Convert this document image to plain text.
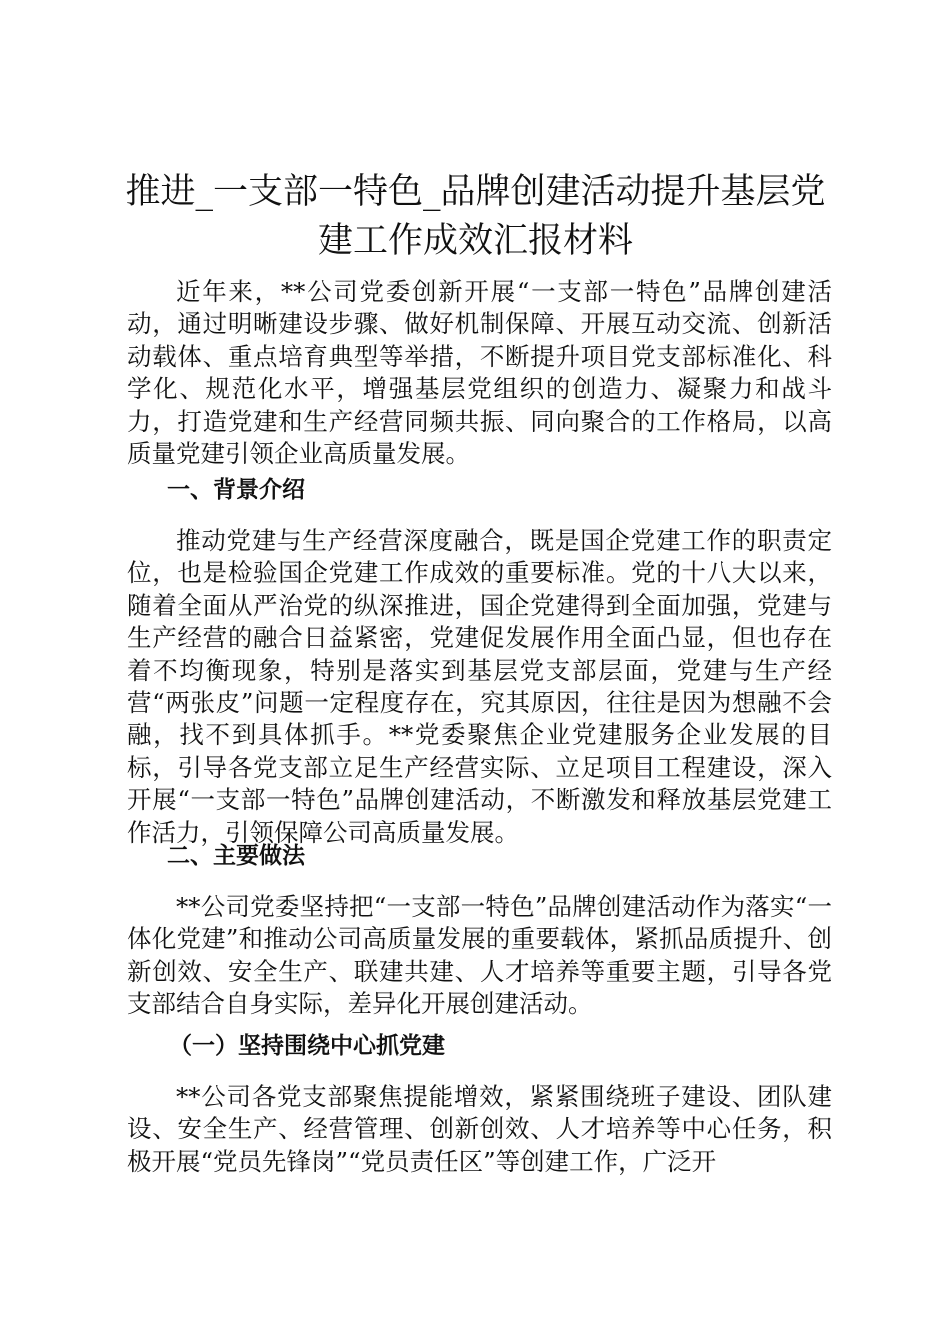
推进_一支部一特色_品牌创建活动提升基层党建工作成效汇报材料

近年来，**公司党委创新开展“一支部一特色”品牌创建活动，通过明晰建设步骤、做好机制保障、开展互动交流、创新活动载体、重点培育典型等举措，不断提升项目党支部标准化、科学化、规范化水平，增强基层党组织的创造力、凝聚力和战斗力，打造党建和生产经营同频共振、同向聚合的工作格局，以高质量党建引领企业高质量发展。

一、背景介绍

推动党建与生产经营深度融合，既是国企党建工作的职责定位，也是检验国企党建工作成效的重要标准。党的十八大以来，随着全面从严治党的纵深推进，国企党建得到全面加强，党建与生产经营的融合日益紧密，党建促发展作用全面凸显，但也存在着不均衡现象，特别是落实到基层党支部层面，党建与生产经营“两张皮”问题一定程度存在，究其原因，往往是因为想融不会融，找不到具体抓手。**党委聚焦企业党建服务企业发展的目标，引导各党支部立足生产经营实际、立足项目工程建设，深入开展“一支部一特色”品牌创建活动，不断激发和释放基层党建工作活力，引领保障公司高质量发展。

二、主要做法

**公司党委坚持把“一支部一特色”品牌创建活动作为落实“一体化党建”和推动公司高质量发展的重要载体，紧抓品质提升、创新创效、安全生产、联建共建、人才培养等重要主题，引导各党支部结合自身实际，差异化开展创建活动。

（一）坚持围绕中心抓党建

**公司各党支部聚焦提能增效，紧紧围绕班子建设、团队建设、安全生产、经营管理、创新创效、人才培养等中心任务，积极开展“党员先锋岗”“党员责任区”等创建工作，广泛开
